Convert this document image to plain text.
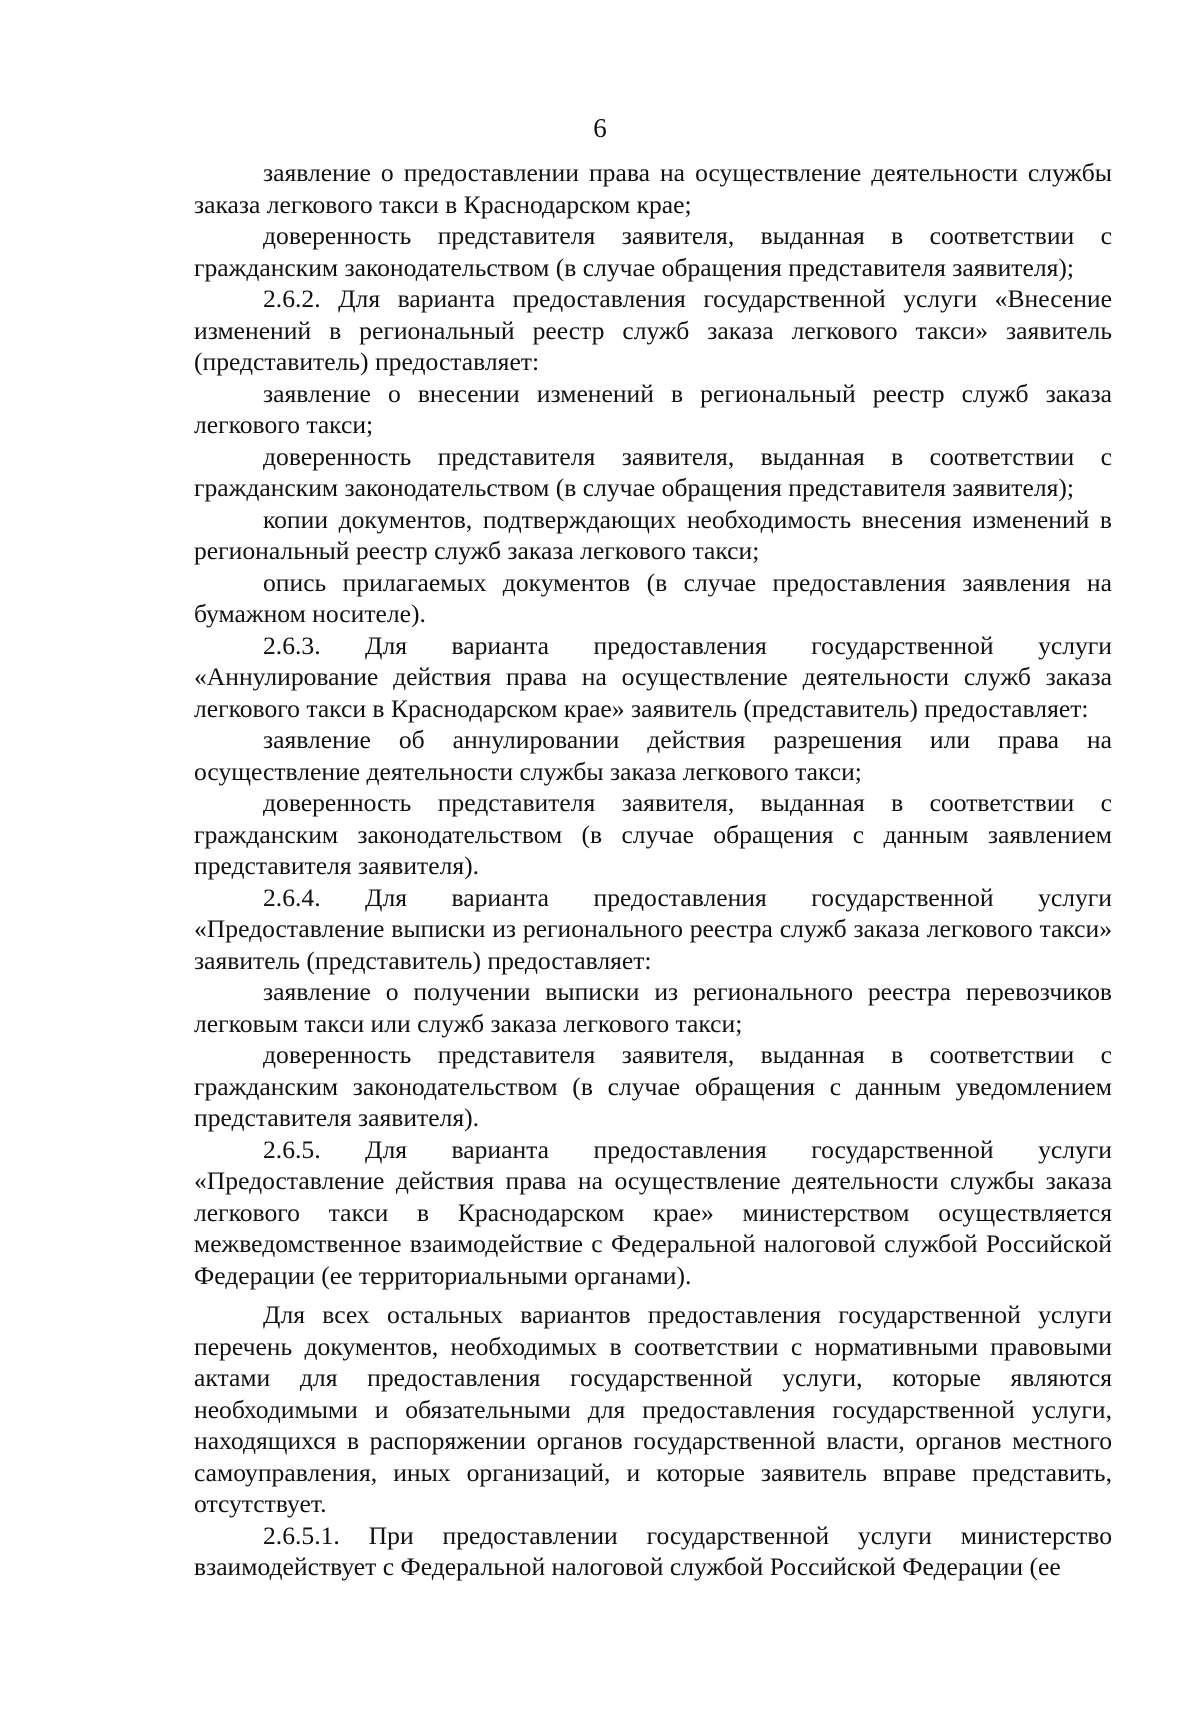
6

заявление о предоставлении права на осуществление деятельности службы заказа легкового такси в Краснодарском крае;

доверенность представителя заявителя, выданная в соответствии с гражданским законодательством (в случае обращения представителя заявителя);

2.6.2. Для варианта предоставления государственной услуги «Внесение изменений в региональный реестр служб заказа легкового такси» заявитель (представитель) предоставляет:

заявление о внесении изменений в региональный реестр служб заказа легкового такси;

доверенность представителя заявителя, выданная в соответствии с гражданским законодательством (в случае обращения представителя заявителя);

копии документов, подтверждающих необходимость внесения изменений в региональный реестр служб заказа легкового такси;

опись прилагаемых документов (в случае предоставления заявления на бумажном носителе).

2.6.3. Для варианта предоставления государственной услуги «Аннулирование действия права на осуществление деятельности служб заказа легкового такси в Краснодарском крае» заявитель (представитель) предоставляет:

заявление об аннулировании действия разрешения или права на осуществление деятельности службы заказа легкового такси;

доверенность представителя заявителя, выданная в соответствии с гражданским законодательством (в случае обращения с данным заявлением представителя заявителя).

2.6.4. Для варианта предоставления государственной услуги «Предоставление выписки из регионального реестра служб заказа легкового такси» заявитель (представитель) предоставляет:

заявление о получении выписки из регионального реестра перевозчиков легковым такси или служб заказа легкового такси;

доверенность представителя заявителя, выданная в соответствии с гражданским законодательством (в случае обращения с данным уведомлением представителя заявителя).

2.6.5. Для варианта предоставления государственной услуги «Предоставление действия права на осуществление деятельности службы заказа легкового такси в Краснодарском крае» министерством осуществляется межведомственное взаимодействие с Федеральной налоговой службой Российской Федерации (ее территориальными органами).

Для всех остальных вариантов предоставления государственной услуги перечень документов, необходимых в соответствии с нормативными правовыми актами для предоставления государственной услуги, которые являются необходимыми и обязательными для предоставления государственной услуги, находящихся в распоряжении органов государственной власти, органов местного самоуправления, иных организаций, и которые заявитель вправе представить, отсутствует.

2.6.5.1. При предоставлении государственной услуги министерство взаимодействует с Федеральной налоговой службой Российской Федерации (ее
